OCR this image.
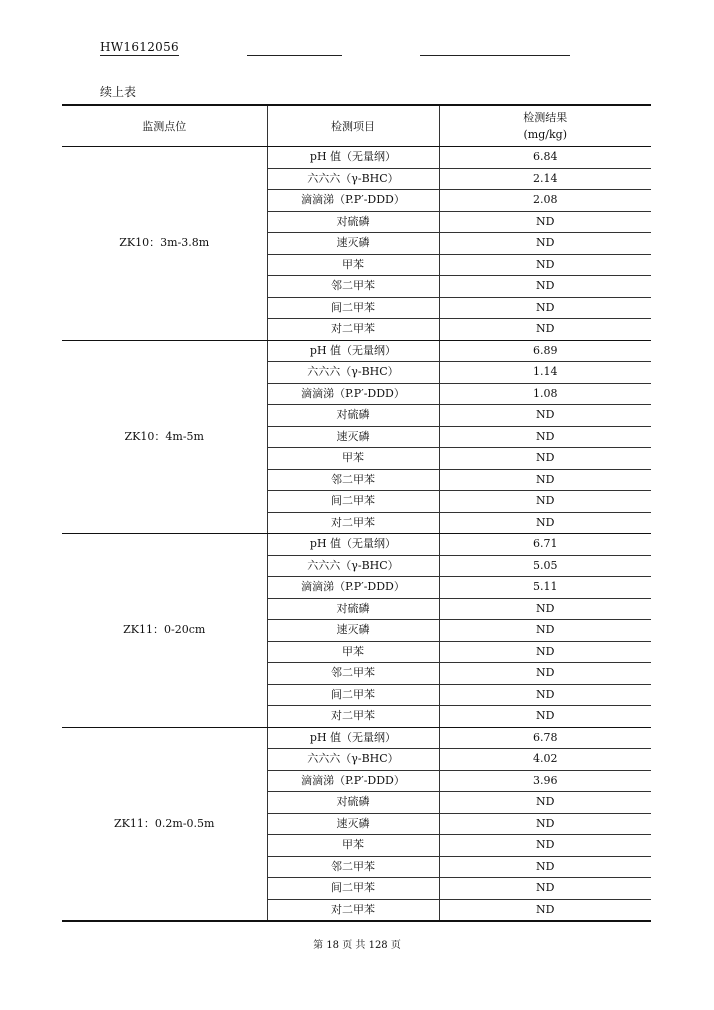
HW1612056
续上表
监测点位	检测项目	检测结果
(mg/kg)

ZK10：3m-3.8m	pH 值（无量纲）	6.84
	六六六（γ-BHC）	2.14
	滴滴涕（P.P′-DDD）	2.08
	对硫磷	ND
	速灭磷	ND
	甲苯	ND
	邻二甲苯	ND
	间二甲苯	ND
	对二甲苯	ND
ZK10：4m-5m	pH 值（无量纲）	6.89
	六六六（γ-BHC）	1.14
	滴滴涕（P.P′-DDD）	1.08
	对硫磷	ND
	速灭磷	ND
	甲苯	ND
	邻二甲苯	ND
	间二甲苯	ND
	对二甲苯	ND
ZK11：0-20cm	pH 值（无量纲）	6.71
	六六六（γ-BHC）	5.05
	滴滴涕（P.P′-DDD）	5.11
	对硫磷	ND
	速灭磷	ND
	甲苯	ND
	邻二甲苯	ND
	间二甲苯	ND
	对二甲苯	ND
ZK11：0.2m-0.5m	pH 值（无量纲）	6.78
	六六六（γ-BHC）	4.02
	滴滴涕（P.P′-DDD）	3.96
	对硫磷	ND
	速灭磷	ND
	甲苯	ND
	邻二甲苯	ND
	间二甲苯	ND
	对二甲苯	ND
第 18 页 共 128 页
